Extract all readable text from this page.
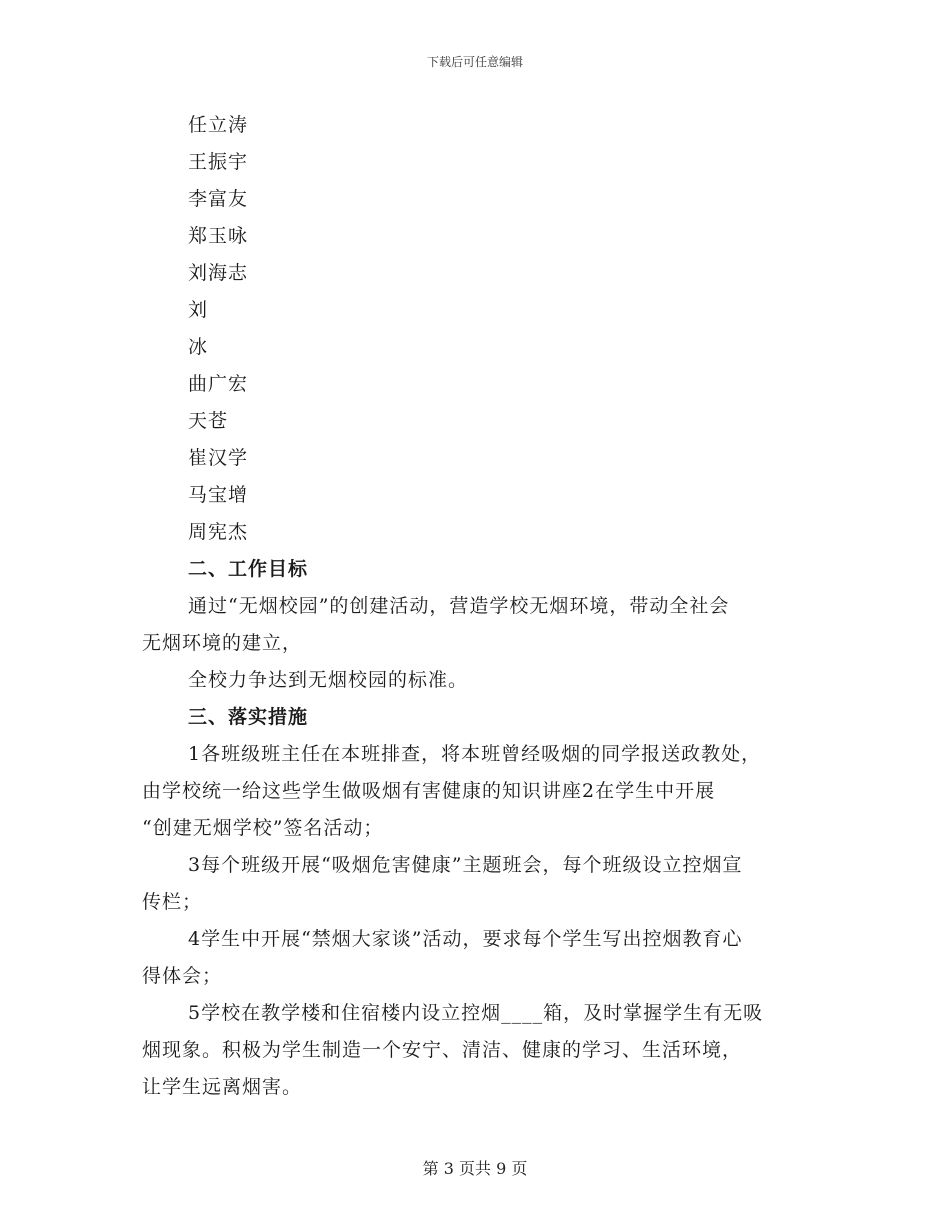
下载后可任意编辑
任立涛
王振宇
李富友
郑玉咏
刘海志
刘
冰
曲广宏
天苍
崔汉学
马宝增
周宪杰
二、工作目标
通过“无烟校园”的创建活动，营造学校无烟环境，带动全社会
无烟环境的建立，
全校力争达到无烟校园的标准。
三、落实措施
1各班级班主任在本班排查，将本班曾经吸烟的同学报送政教处，
由学校统一给这些学生做吸烟有害健康的知识讲座2在学生中开展
“创建无烟学校”签名活动；
3每个班级开展“吸烟危害健康”主题班会，每个班级设立控烟宣
传栏；
4学生中开展“禁烟大家谈”活动，要求每个学生写出控烟教育心
得体会；
5学校在教学楼和住宿楼内设立控烟____箱，及时掌握学生有无吸
烟现象。积极为学生制造一个安宁、清洁、健康的学习、生活环境，
让学生远离烟害。
第 3 页共 9 页
